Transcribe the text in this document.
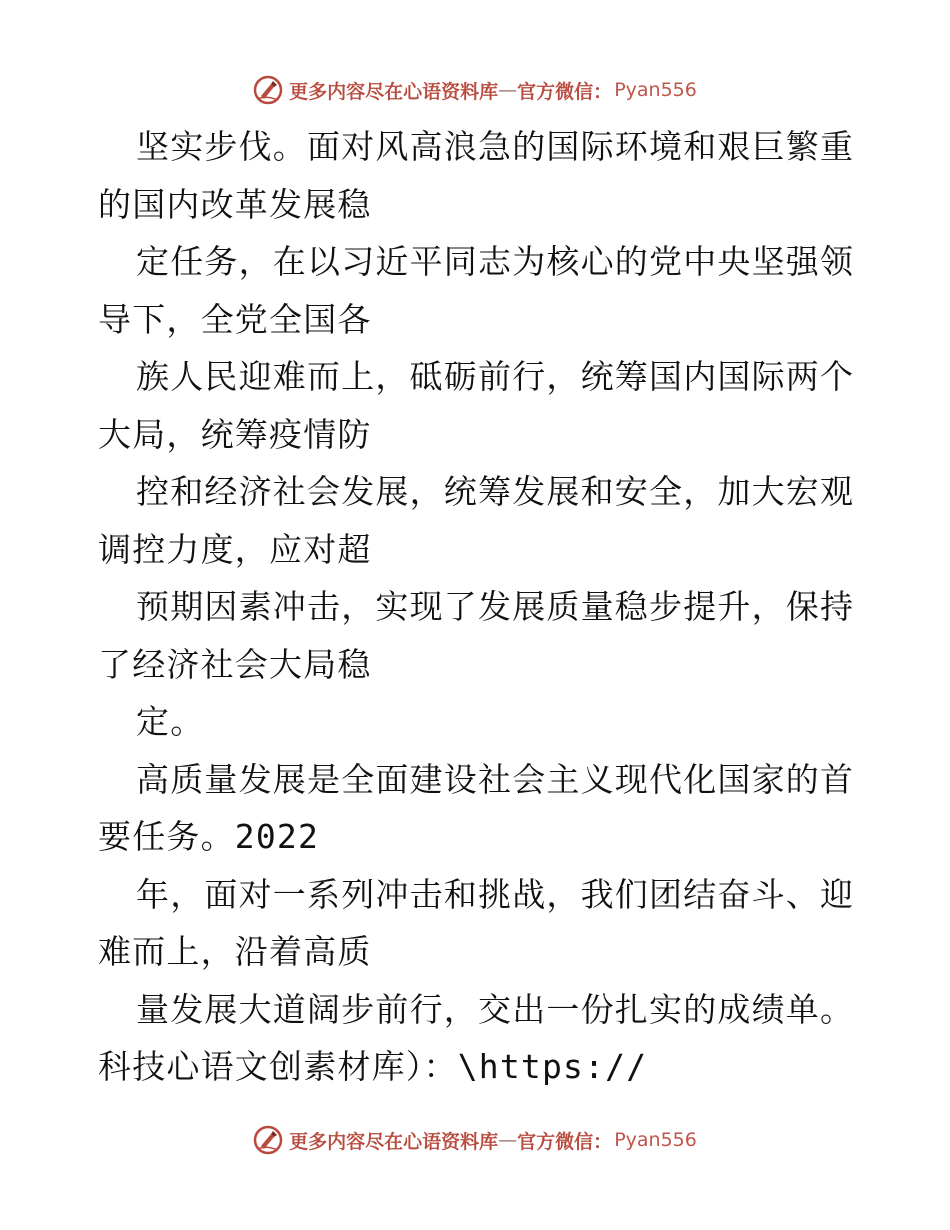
更多内容尽在心语资料库 — 官方微信： Pyan556
坚实步伐。面对风高浪急的国际环境和艰巨繁重
的国内改革发展稳
定任务，在以习近平同志为核心的党中央坚强领
导下，全党全国各
族人民迎难而上，砥砺前行，统筹国内国际两个
大局，统筹疫情防
控和经济社会发展，统筹发展和安全，加大宏观
调控力度，应对超
预期因素冲击，实现了发展质量稳步提升，保持
了经济社会大局稳
定。
高质量发展是全面建设社会主义现代化国家的首
要任务。2022
年，面对一系列冲击和挑战，我们团结奋斗、迎
难而上，沿着高质
量发展大道阔步前行，交出一份扎实的成绩单。
科技心语文创素材库）：\https://
更多内容尽在心语资料库 — 官方微信： Pyan556
